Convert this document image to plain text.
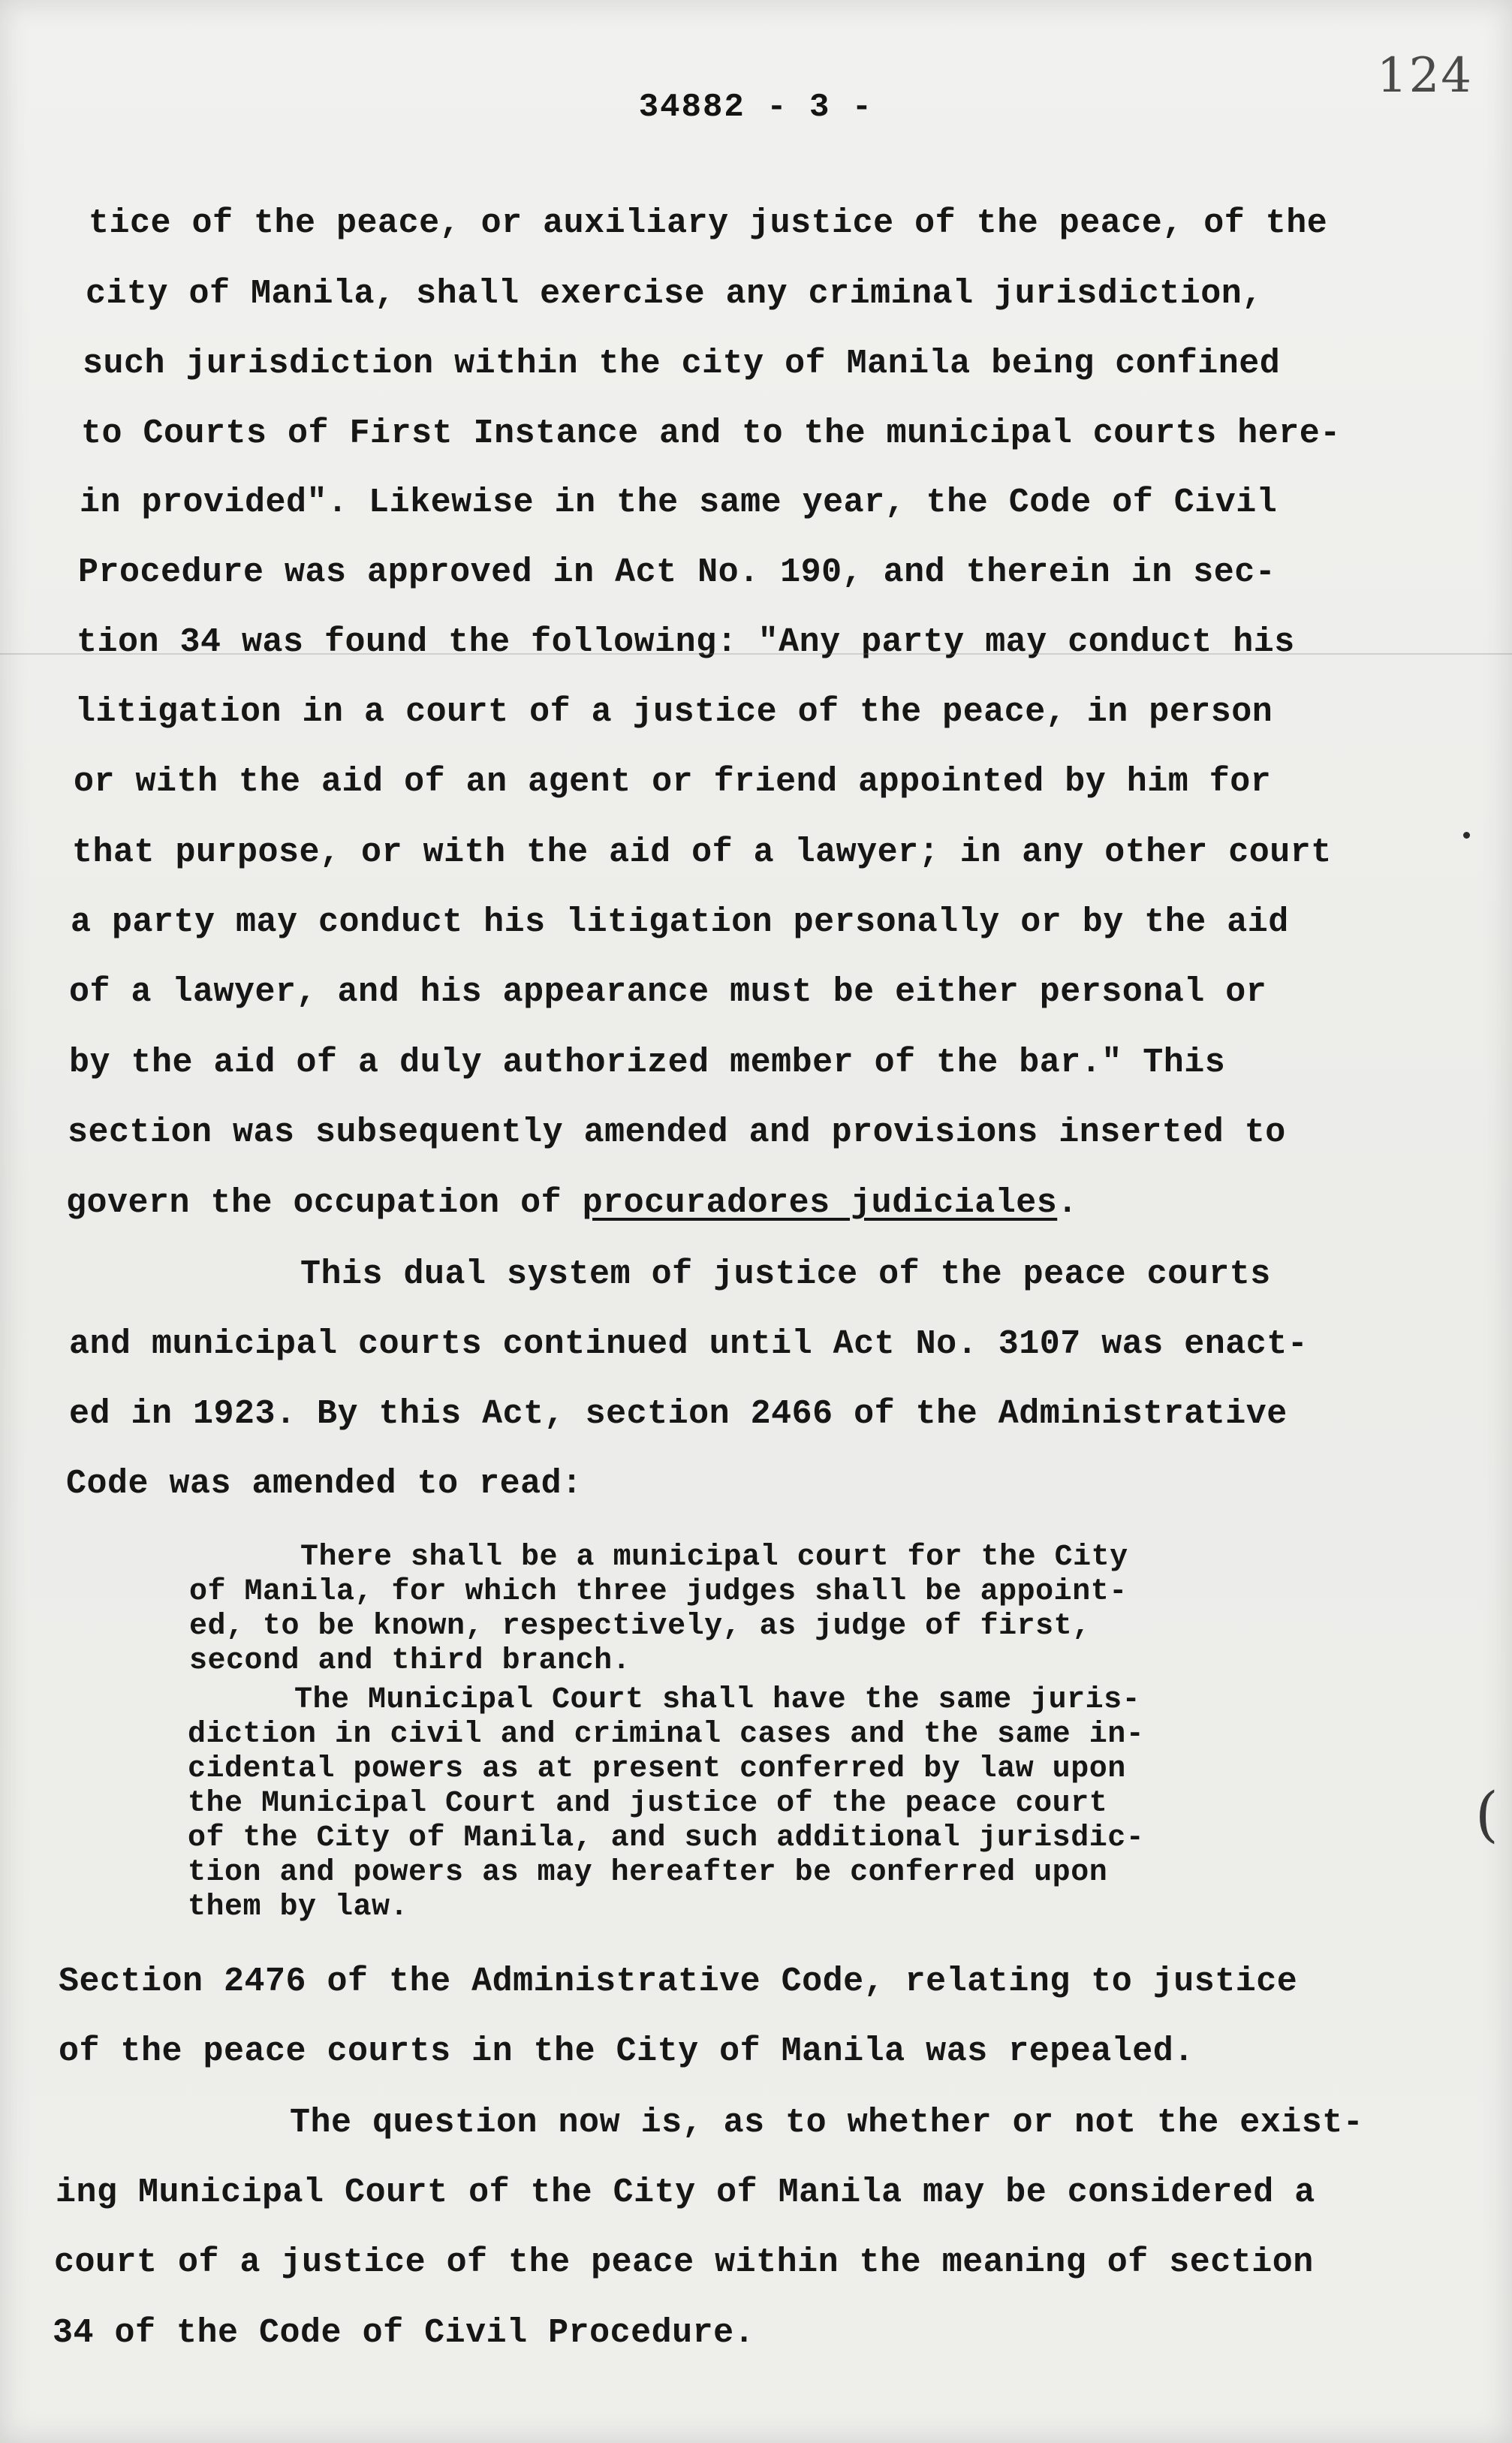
34882 - 3 -
124
tice of the peace, or auxiliary justice of the peace, of the
city of Manila, shall exercise any criminal jurisdiction,
such jurisdiction within the city of Manila being confined
to Courts of First Instance and to the municipal courts here-
in provided". Likewise in the same year, the Code of Civil
Procedure was approved in Act No. 190, and therein in sec-
tion 34 was found the following: "Any party may conduct his
litigation in a court of a justice of the peace, in person
or with the aid of an agent or friend appointed by him for
that purpose, or with the aid of a lawyer; in any other court
a party may conduct his litigation personally or by the aid
of a lawyer, and his appearance must be either personal or
by the aid of a duly authorized member of the bar." This
section was subsequently amended and provisions inserted to
govern the occupation of procuradores judiciales.
This dual system of justice of the peace courts
and municipal courts continued until Act No. 3107 was enact-
ed in 1923. By this Act, section 2466 of the Administrative
Code was amended to read:
There shall be a municipal court for the City
of Manila, for which three judges shall be appoint-
ed, to be known, respectively, as judge of first,
second and third branch.
The Municipal Court shall have the same juris-
diction in civil and criminal cases and the same in-
cidental powers as at present conferred by law upon
the Municipal Court and justice of the peace court
of the City of Manila, and such additional jurisdic-
tion and powers as may hereafter be conferred upon
them by law.
Section 2476 of the Administrative Code, relating to justice
of the peace courts in the City of Manila was repealed.
The question now is, as to whether or not the exist-
ing Municipal Court of the City of Manila may be considered a
court of a justice of the peace within the meaning of section
34 of the Code of Civil Procedure.
(
